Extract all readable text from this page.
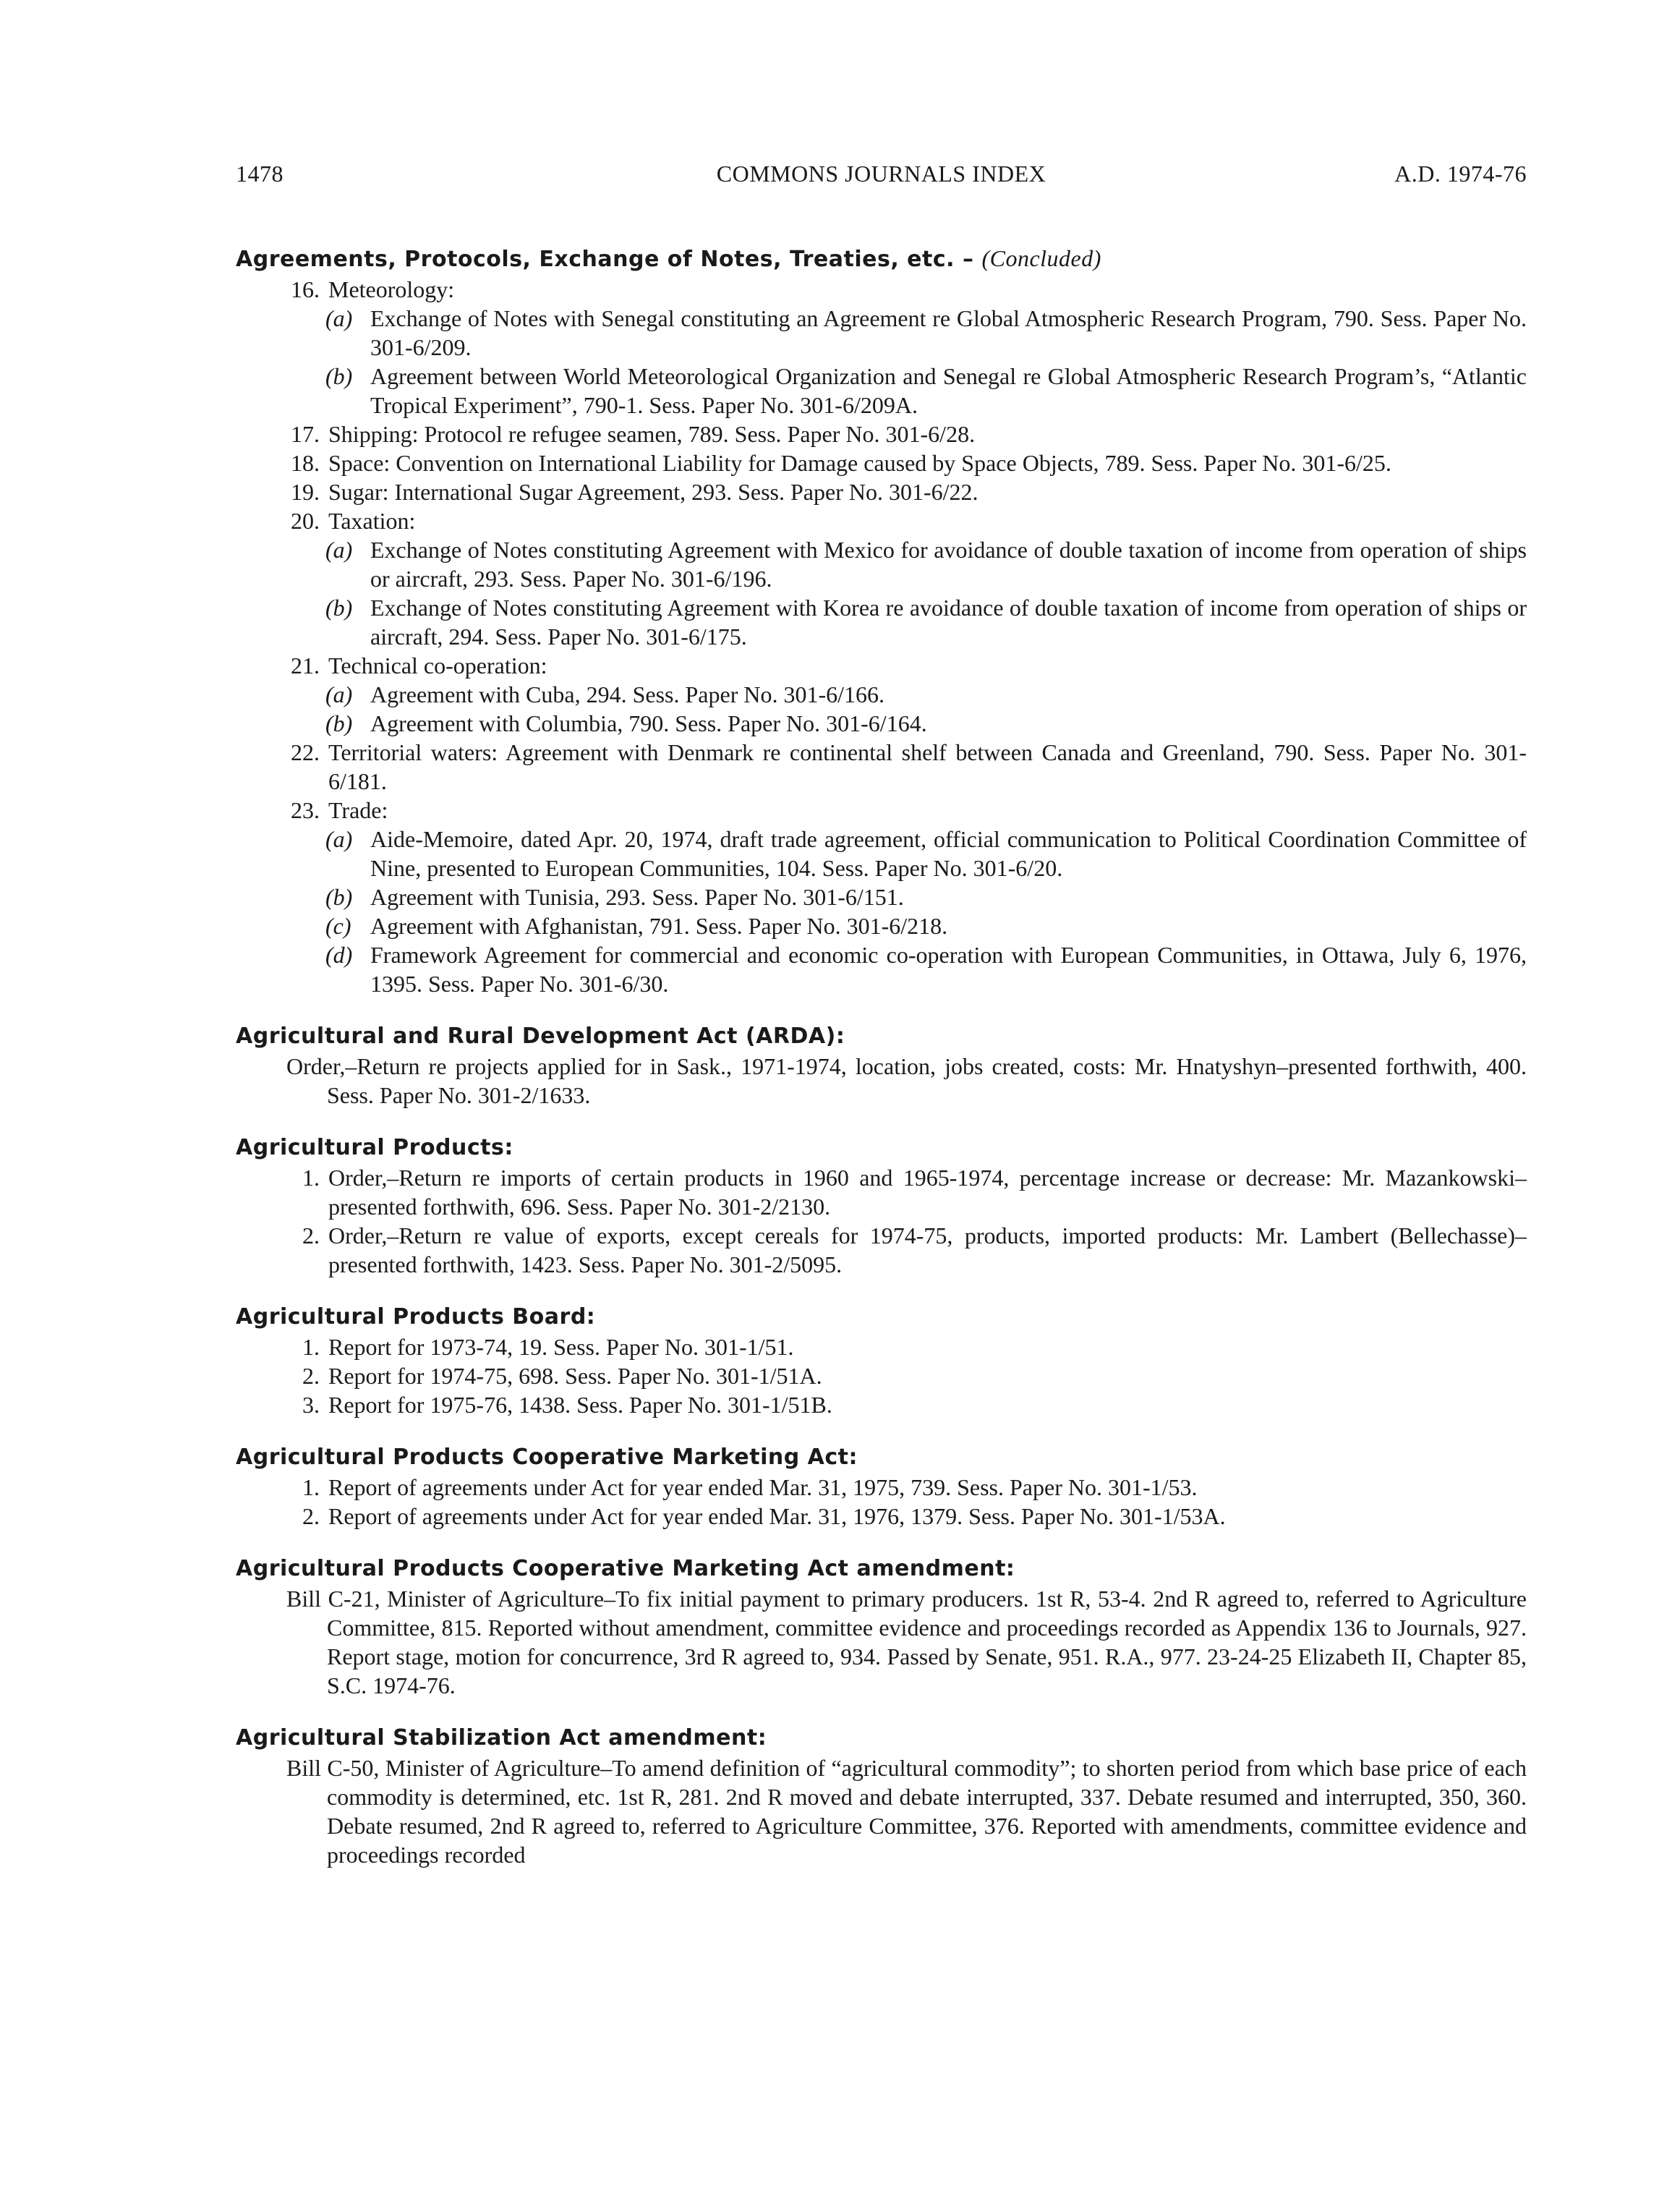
1478	COMMONS JOURNALS INDEX	A.D. 1974-76
Agreements, Protocols, Exchange of Notes, Treaties, etc. – (Concluded)
16. Meteorology:
(a) Exchange of Notes with Senegal constituting an Agreement re Global Atmospheric Research Program, 790. Sess. Paper No. 301-6/209.
(b) Agreement between World Meteorological Organization and Senegal re Global Atmospheric Research Program’s, “Atlantic Tropical Experiment”, 790-1. Sess. Paper No. 301-6/209A.
17. Shipping: Protocol re refugee seamen, 789. Sess. Paper No. 301-6/28.
18. Space: Convention on International Liability for Damage caused by Space Objects, 789. Sess. Paper No. 301-6/25.
19. Sugar: International Sugar Agreement, 293. Sess. Paper No. 301-6/22.
20. Taxation:
(a) Exchange of Notes constituting Agreement with Mexico for avoidance of double taxation of income from operation of ships or aircraft, 293. Sess. Paper No. 301-6/196.
(b) Exchange of Notes constituting Agreement with Korea re avoidance of double taxation of income from operation of ships or aircraft, 294. Sess. Paper No. 301-6/175.
21. Technical co-operation:
(a) Agreement with Cuba, 294. Sess. Paper No. 301-6/166.
(b) Agreement with Columbia, 790. Sess. Paper No. 301-6/164.
22. Territorial waters: Agreement with Denmark re continental shelf between Canada and Greenland, 790. Sess. Paper No. 301-6/181.
23. Trade:
(a) Aide-Memoire, dated Apr. 20, 1974, draft trade agreement, official communication to Political Coordination Committee of Nine, presented to European Communities, 104. Sess. Paper No. 301-6/20.
(b) Agreement with Tunisia, 293. Sess. Paper No. 301-6/151.
(c) Agreement with Afghanistan, 791. Sess. Paper No. 301-6/218.
(d) Framework Agreement for commercial and economic co-operation with European Communities, in Ottawa, July 6, 1976, 1395. Sess. Paper No. 301-6/30.
Agricultural and Rural Development Act (ARDA):
Order,–Return re projects applied for in Sask., 1971-1974, location, jobs created, costs: Mr. Hnatyshyn–presented forthwith, 400. Sess. Paper No. 301-2/1633.
Agricultural Products:
1. Order,–Return re imports of certain products in 1960 and 1965-1974, percentage increase or decrease: Mr. Mazankowski–presented forthwith, 696. Sess. Paper No. 301-2/2130.
2. Order,–Return re value of exports, except cereals for 1974-75, products, imported products: Mr. Lambert (Bellechasse)–presented forthwith, 1423. Sess. Paper No. 301-2/5095.
Agricultural Products Board:
1. Report for 1973-74, 19. Sess. Paper No. 301-1/51.
2. Report for 1974-75, 698. Sess. Paper No. 301-1/51A.
3. Report for 1975-76, 1438. Sess. Paper No. 301-1/51B.
Agricultural Products Cooperative Marketing Act:
1. Report of agreements under Act for year ended Mar. 31, 1975, 739. Sess. Paper No. 301-1/53.
2. Report of agreements under Act for year ended Mar. 31, 1976, 1379. Sess. Paper No. 301-1/53A.
Agricultural Products Cooperative Marketing Act amendment:
Bill C-21, Minister of Agriculture–To fix initial payment to primary producers. 1st R, 53-4. 2nd R agreed to, referred to Agriculture Committee, 815. Reported without amendment, committee evidence and proceedings recorded as Appendix 136 to Journals, 927. Report stage, motion for concurrence, 3rd R agreed to, 934. Passed by Senate, 951. R.A., 977. 23-24-25 Elizabeth II, Chapter 85, S.C. 1974-76.
Agricultural Stabilization Act amendment:
Bill C-50, Minister of Agriculture–To amend definition of “agricultural commodity”; to shorten period from which base price of each commodity is determined, etc. 1st R, 281. 2nd R moved and debate interrupted, 337. Debate resumed and interrupted, 350, 360. Debate resumed, 2nd R agreed to, referred to Agriculture Committee, 376. Reported with amendments, committee evidence and proceedings recorded
